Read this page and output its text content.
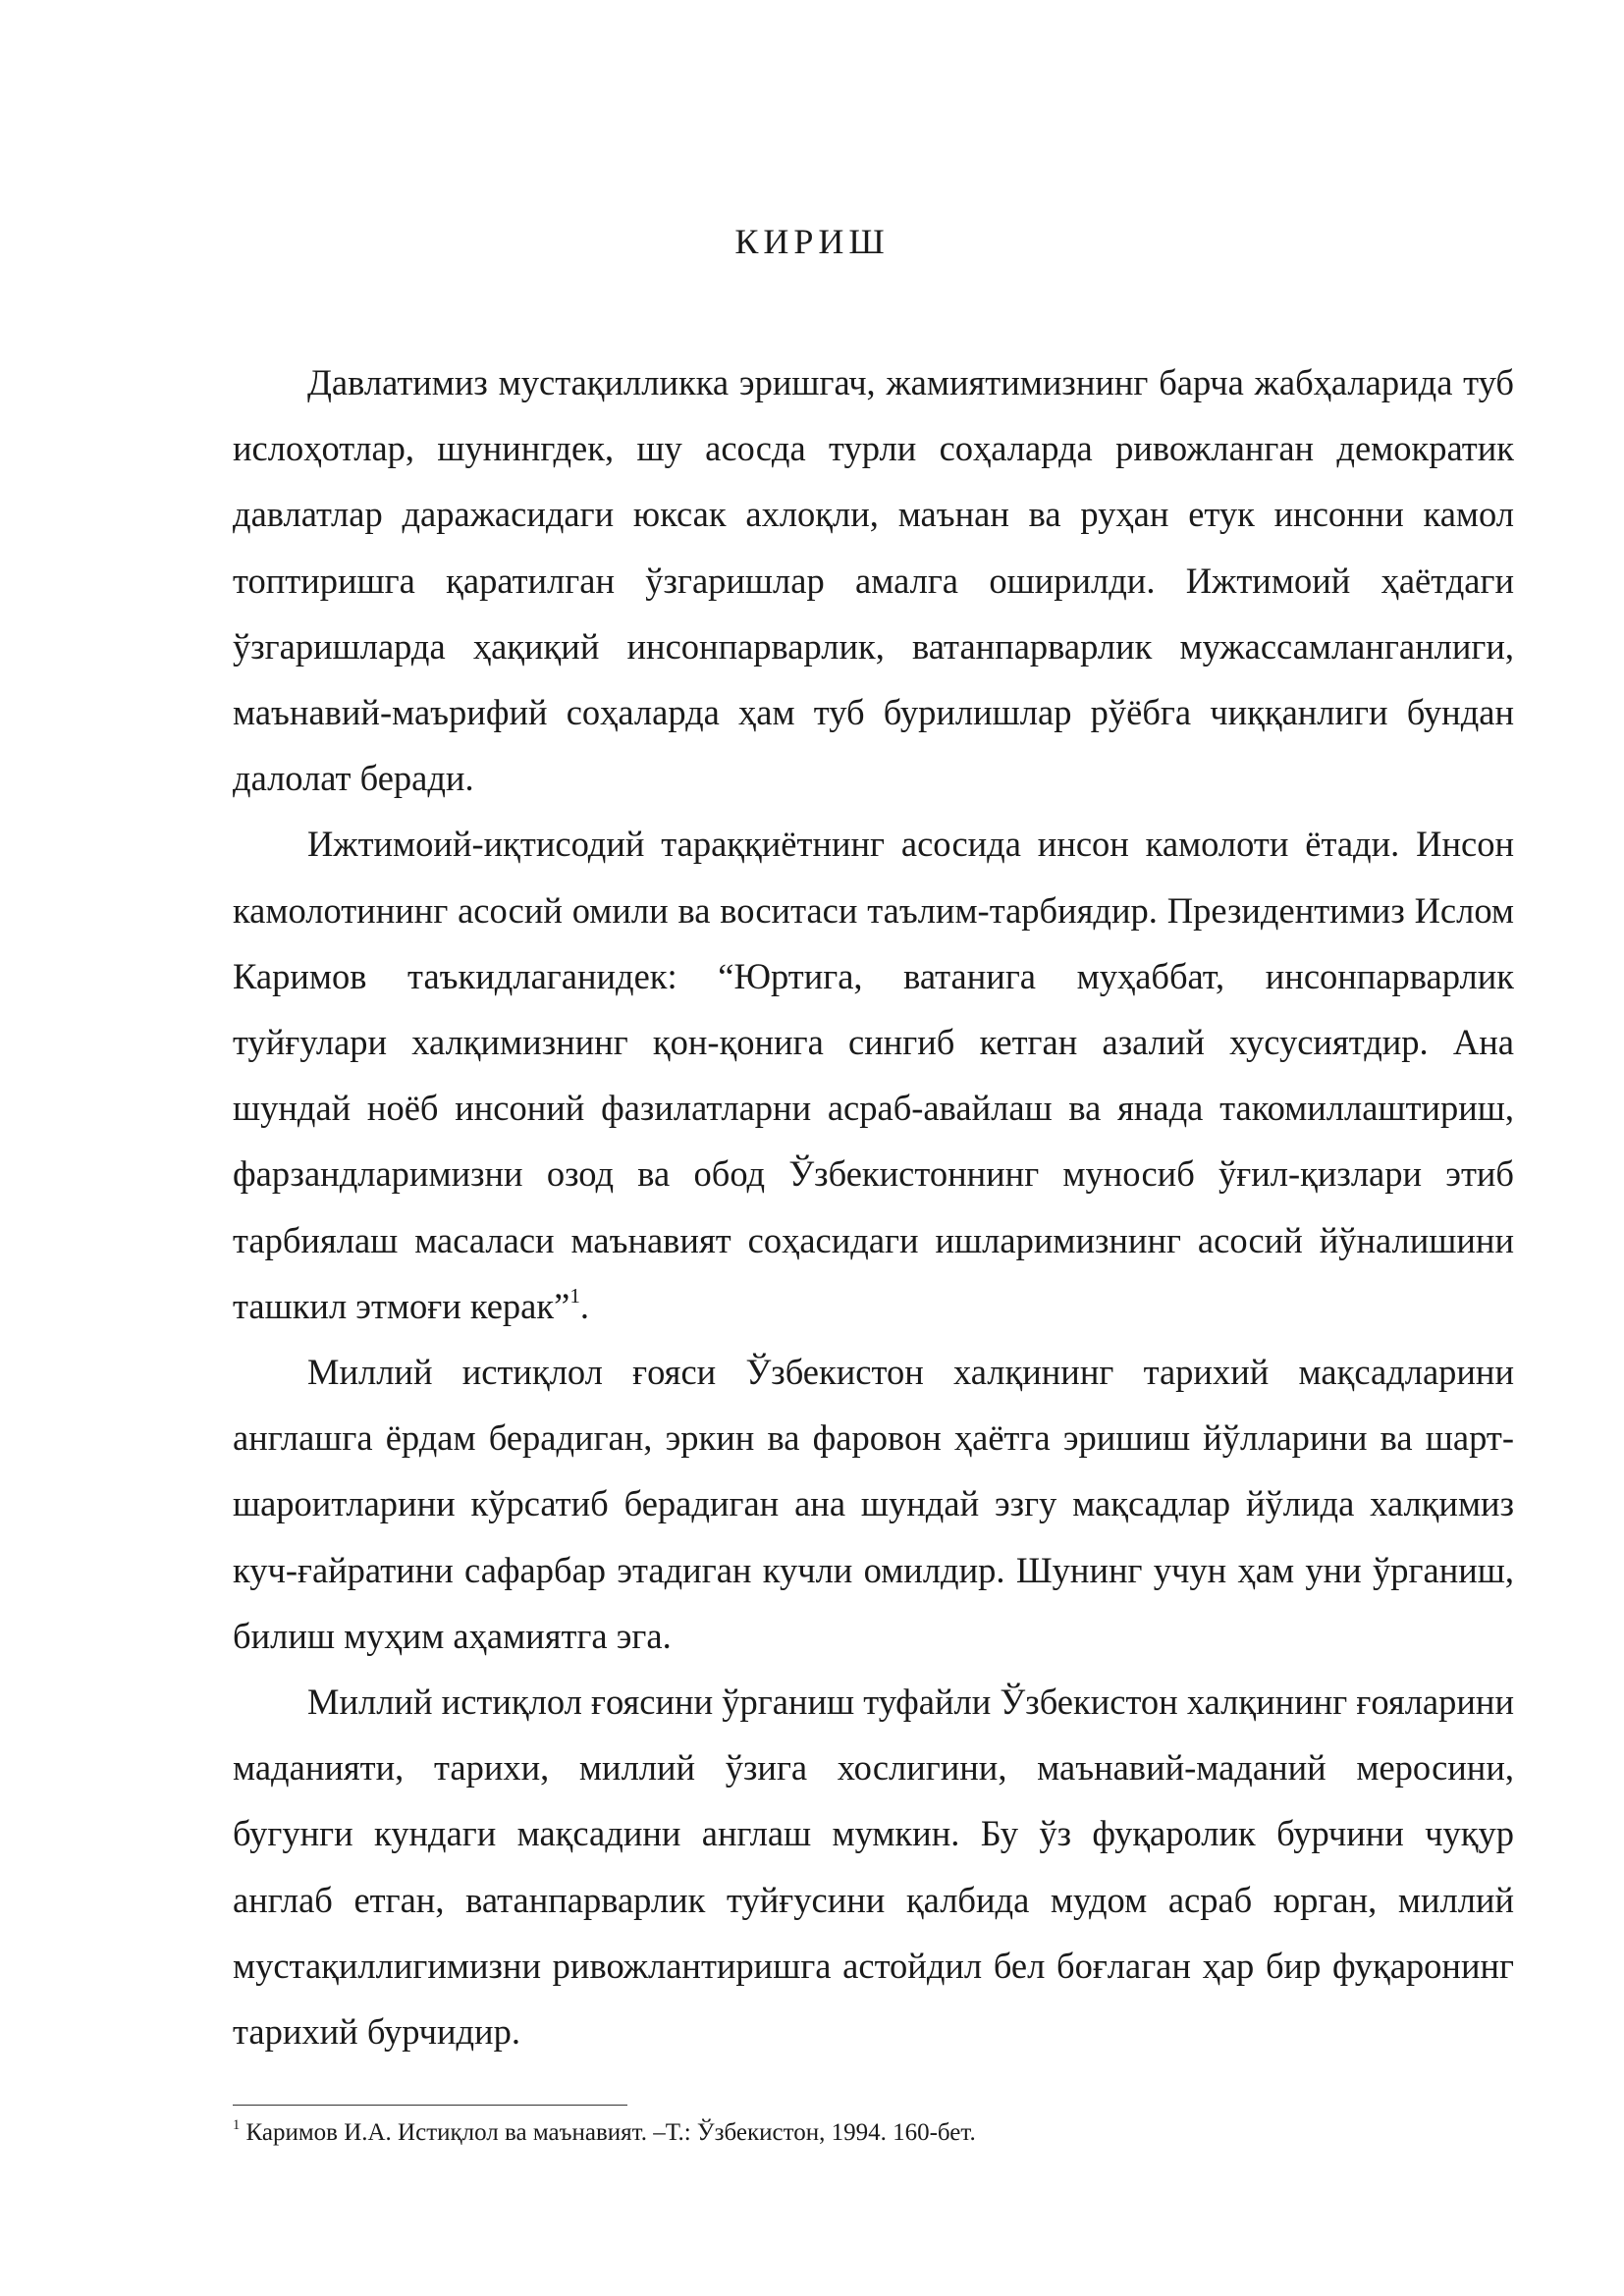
КИРИШ

Давлатимиз мустақилликка эришгач, жамиятимизнинг барча жабҳаларида туб ислоҳотлар, шунингдек, шу асосда турли соҳаларда ривожланган демократик давлатлар даражасидаги юксак ахлоқли, маънан ва руҳан етук инсонни камол топтиришга қаратилган ўзгаришлар амалга оширилди. Ижтимоий ҳаётдаги ўзгаришларда ҳақиқий инсонпарварлик, ватанпарварлик мужассамланганлиги, маънавий-маърифий соҳаларда ҳам туб бурилишлар рўёбга чиққанлиги бундан далолат беради.

Ижтимоий-иқтисодий тараққиётнинг асосида инсон камолоти ётади. Инсон камолотининг асосий омили ва воситаси таълим-тарбиядир. Президентимиз Ислом Каримов таъкидлаганидек: “Юртига, ватанига муҳаббат, инсонпарварлик туйғулари халқимизнинг қон-қонига сингиб кетган азалий хусусиятдир. Ана шундай ноёб инсоний фазилатларни асраб-авайлаш ва янада такомиллаштириш, фарзандларимизни озод ва обод Ўзбекистоннинг муносиб ўғил-қизлари этиб тарбиялаш масаласи маънавият соҳасидаги ишларимизнинг асосий йўналишини ташкил этмоғи керак”$^1$.

Миллий истиқлол ғояси Ўзбекистон халқининг тарихий мақсадларини англашга ёрдам берадиган, эркин ва фаровон ҳаётга эришиш йўлларини ва шарт-шароитларини кўрсатиб берадиган ана шундай эзгу мақсадлар йўлида халқимиз куч-ғайратини сафарбар этадиган кучли омилдир. Шунинг учун ҳам уни ўрганиш, билиш муҳим аҳамиятга эга.

Миллий истиқлол ғоясини ўрганиш туфайли Ўзбекистон халқининг ғояларини маданияти, тарихи, миллий ўзига хослигини, маънавий-маданий меросини, бугунги кундаги мақсадини англаш мумкин. Бу ўз фуқаролик бурчини чуқур англаб етган, ватанпарварлик туйғусини қалбида мудом асраб юрган, миллий мустақиллигимизни ривожлантиришга астойдил бел боғлаган ҳар бир фуқаронинг тарихий бурчидир.

$^1$ Каримов И.А. Истиқлол ва маънавият. –Т.: Ўзбекистон, 1994. 160-бет.
